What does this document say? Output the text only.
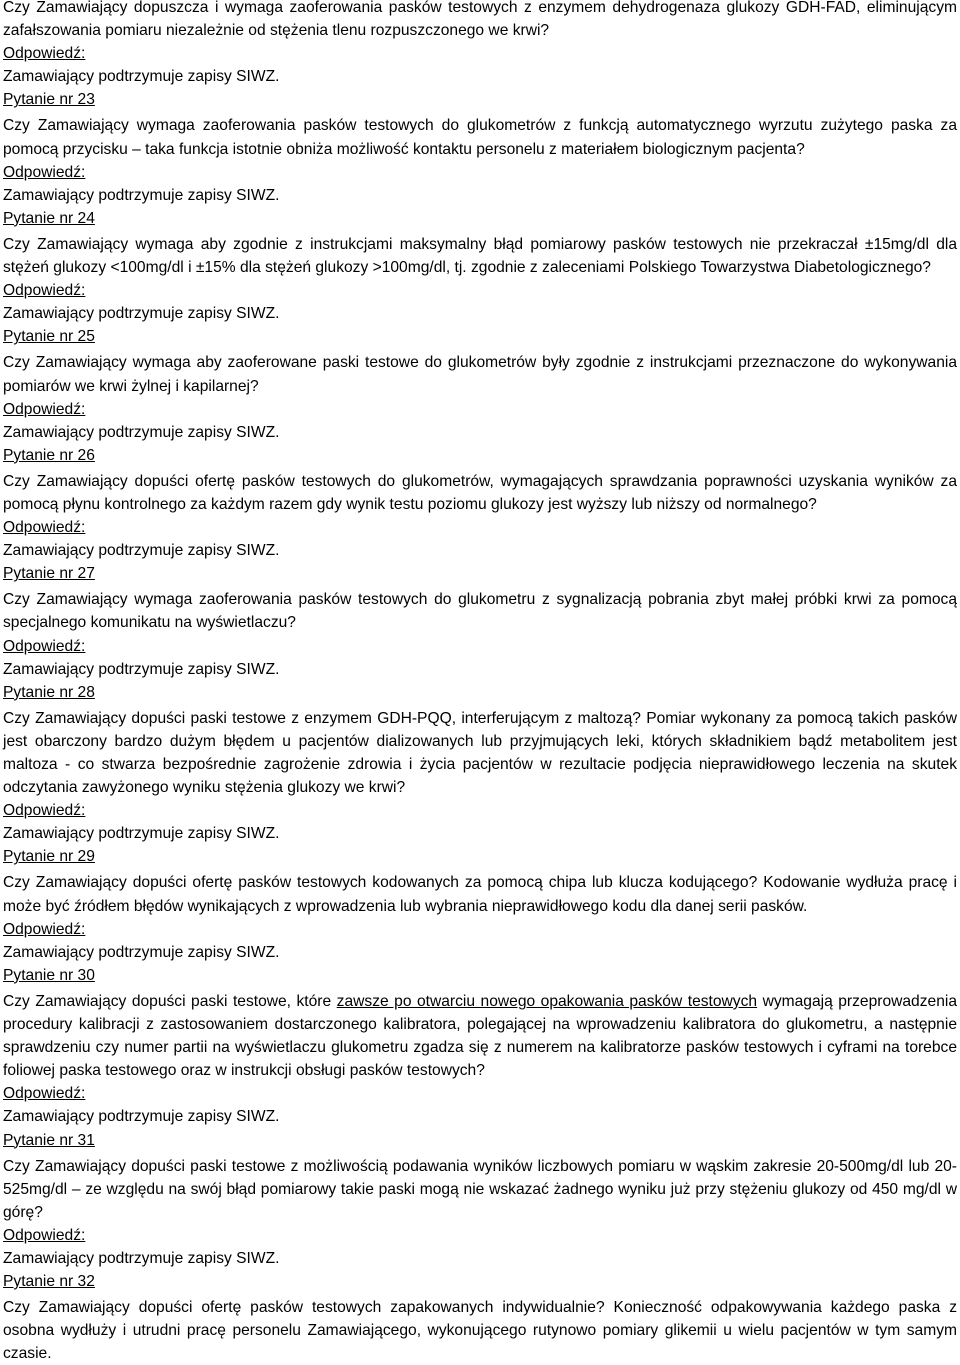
Czy Zamawiający dopuszcza i wymaga zaoferowania pasków testowych z enzymem dehydrogenaza glukozy GDH-FAD, eliminującym zafałszowania pomiaru niezależnie od stężenia tlenu rozpuszczonego we krwi?

Odpowiedź:

Zamawiający podtrzymuje zapisy SIWZ.

Pytanie nr 23

Czy Zamawiający wymaga zaoferowania pasków testowych do glukometrów z funkcją automatycznego wyrzutu zużytego paska za pomocą przycisku – taka funkcja istotnie obniża możliwość kontaktu personelu z materiałem biologicznym pacjenta?

Odpowiedź:

Zamawiający podtrzymuje zapisy SIWZ.

Pytanie nr 24

Czy Zamawiający wymaga aby zgodnie z instrukcjami maksymalny błąd pomiarowy pasków testowych nie przekraczał ±15mg/dl dla stężeń glukozy <100mg/dl i ±15% dla stężeń glukozy >100mg/dl, tj. zgodnie z zaleceniami Polskiego Towarzystwa Diabetologicznego?

Odpowiedź:

Zamawiający podtrzymuje zapisy SIWZ.

Pytanie nr 25

Czy Zamawiający wymaga aby zaoferowane paski testowe do glukometrów były zgodnie z instrukcjami przeznaczone do wykonywania pomiarów we krwi żylnej i kapilarnej?

Odpowiedź:

Zamawiający podtrzymuje zapisy SIWZ.

Pytanie nr 26

Czy Zamawiający dopuści ofertę pasków testowych do glukometrów, wymagających sprawdzania poprawności uzyskania wyników za pomocą płynu kontrolnego za każdym razem gdy wynik testu poziomu glukozy jest wyższy lub niższy od normalnego?

Odpowiedź:

Zamawiający podtrzymuje zapisy SIWZ.

Pytanie nr 27

Czy Zamawiający wymaga zaoferowania pasków testowych do glukometru z sygnalizacją pobrania zbyt małej próbki krwi za pomocą specjalnego komunikatu na wyświetlaczu?

Odpowiedź:

Zamawiający podtrzymuje zapisy SIWZ.

Pytanie nr 28

Czy Zamawiający dopuści paski testowe z enzymem GDH-PQQ, interferującym z maltozą? Pomiar wykonany za pomocą takich pasków jest obarczony bardzo dużym błędem u pacjentów dializowanych lub przyjmujących leki, których składnikiem bądź metabolitem jest maltoza - co stwarza bezpośrednie zagrożenie zdrowia i życia pacjentów w rezultacie podjęcia nieprawidłowego leczenia na skutek odczytania zawyżonego wyniku stężenia glukozy we krwi?

Odpowiedź:

Zamawiający podtrzymuje zapisy SIWZ.

Pytanie nr 29

Czy Zamawiający dopuści ofertę pasków testowych kodowanych za pomocą chipa lub klucza kodującego? Kodowanie wydłuża pracę i może być źródłem błędów wynikających z wprowadzenia lub wybrania nieprawidłowego kodu dla danej serii pasków.

Odpowiedź:

Zamawiający podtrzymuje zapisy SIWZ.

Pytanie nr 30

Czy Zamawiający dopuści paski testowe, które zawsze po otwarciu nowego opakowania pasków testowych wymagają przeprowadzenia procedury kalibracji z zastosowaniem dostarczonego kalibratora, polegającej na wprowadzeniu kalibratora do glukometru, a następnie sprawdzeniu czy numer partii na wyświetlaczu glukometru zgadza się z numerem na kalibratorze pasków testowych i cyframi na torebce foliowej paska testowego oraz w instrukcji obsługi pasków testowych?

Odpowiedź:

Zamawiający podtrzymuje zapisy SIWZ.

Pytanie nr 31

Czy Zamawiający dopuści paski testowe z możliwością podawania wyników liczbowych pomiaru w wąskim zakresie 20-500mg/dl lub 20-525mg/dl – ze względu na swój błąd pomiarowy takie paski mogą nie wskazać żadnego wyniku już przy stężeniu glukozy od 450 mg/dl w górę?

Odpowiedź:

Zamawiający podtrzymuje zapisy SIWZ.

Pytanie nr 32

Czy Zamawiający dopuści ofertę pasków testowych zapakowanych indywidualnie? Konieczność odpakowywania każdego paska z osobna wydłuży i utrudni pracę personelu Zamawiającego, wykonującego rutynowo pomiary glikemii u wielu pacjentów w tym samym czasie.
